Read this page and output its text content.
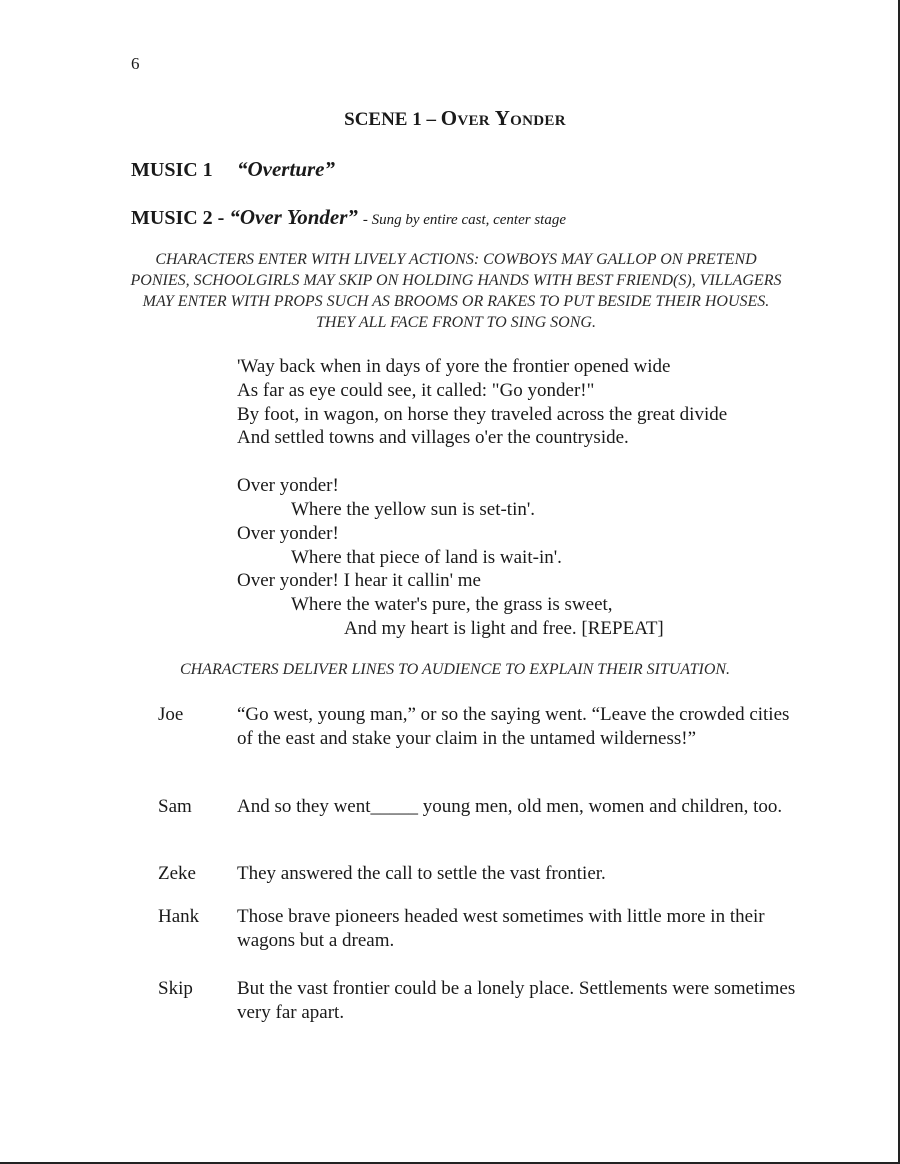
6
SCENE 1 – Over Yonder
MUSIC 1 “Overture”
MUSIC 2 - “Over Yonder” - Sung by entire cast, center stage
CHARACTERS ENTER WITH LIVELY ACTIONS: COWBOYS MAY GALLOP ON PRETEND PONIES, SCHOOLGIRLS MAY SKIP ON HOLDING HANDS WITH BEST FRIEND(S), VILLAGERS MAY ENTER WITH PROPS SUCH AS BROOMS OR RAKES TO PUT BESIDE THEIR HOUSES. THEY ALL FACE FRONT TO SING SONG.
'Way back when in days of yore the frontier opened wide
As far as eye could see, it called: "Go yonder!"
By foot, in wagon, on horse they traveled across the great divide
And settled towns and villages o'er the countryside.
Over yonder!
Where the yellow sun is set-tin'.
Over yonder!
Where that piece of land is wait-in'.
Over yonder! I hear it callin' me
Where the water's pure, the grass is sweet,
And my heart is light and free. [REPEAT]
CHARACTERS DELIVER LINES TO AUDIENCE TO EXPLAIN THEIR SITUATION.
Joe	“Go west, young man,” or so the saying went. “Leave the crowded cities of the east and stake your claim in the untamed wilderness!”
Sam And so they went_____ young men, old men, women and children, too.
Zeke They answered the call to settle the vast frontier.
Hank Those brave pioneers headed west sometimes with little more in their wagons but a dream.
Skip But the vast frontier could be a lonely place. Settlements were sometimes very far apart.
